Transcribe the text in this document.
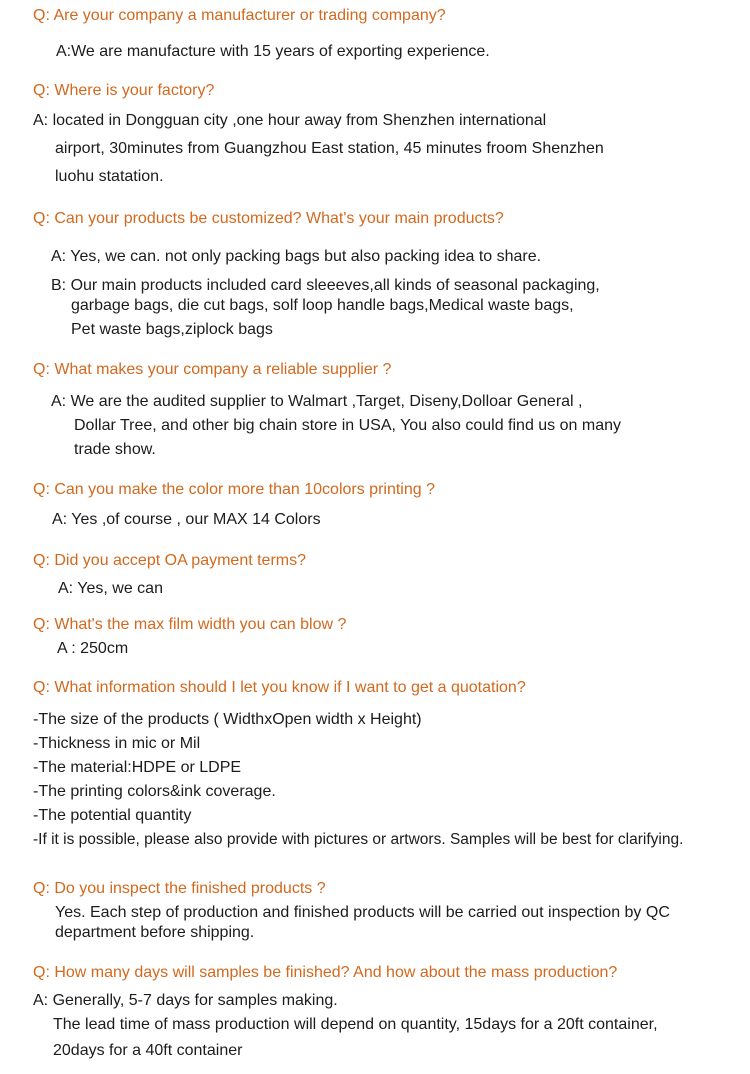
Q: Are your company a manufacturer or trading company?
A:We are manufacture with 15 years of exporting experience.
Q: Where is your factory?
A: located in Dongguan city ,one hour away from Shenzhen international
airport, 30minutes from Guangzhou East station, 45 minutes froom Shenzhen
luohu statation.
Q: Can your products be customized? What's your main products?
A: Yes, we can. not only packing bags but also packing idea to share.
B: Our main products included card sleeeves,all kinds of seasonal packaging,
garbage bags, die cut bags, solf loop handle bags,Medical waste bags,
Pet waste bags,ziplock bags
Q: What makes your company a reliable supplier ?
A: We are the audited supplier to Walmart ,Target, Diseny,Dolloar General ,
Dollar Tree, and other big chain store in USA, You also could find us on many
trade show.
Q: Can you make the color more than 10colors printing ?
A: Yes ,of course , our MAX 14 Colors
Q: Did you accept OA payment terms?
A: Yes, we can
Q: What's the max film width you can blow ?
A : 250cm
Q: What information should I let you know if I want to get a quotation?
-The size of the products ( WidthxOpen width x Height)
-Thickness in mic or Mil
-The material:HDPE or LDPE
-The printing colors&ink coverage.
-The potential quantity
-If it is possible, please also provide with pictures or artwors. Samples will be best for clarifying.
Q: Do you inspect the finished products ?
Yes. Each step of production and finished products will be carried out inspection by QC
department before shipping.
Q: How many days will samples be finished? And how about the mass production?
A: Generally, 5-7 days for samples making.
The lead time of mass production will depend on quantity, 15days for a 20ft container,
20days for a 40ft container
